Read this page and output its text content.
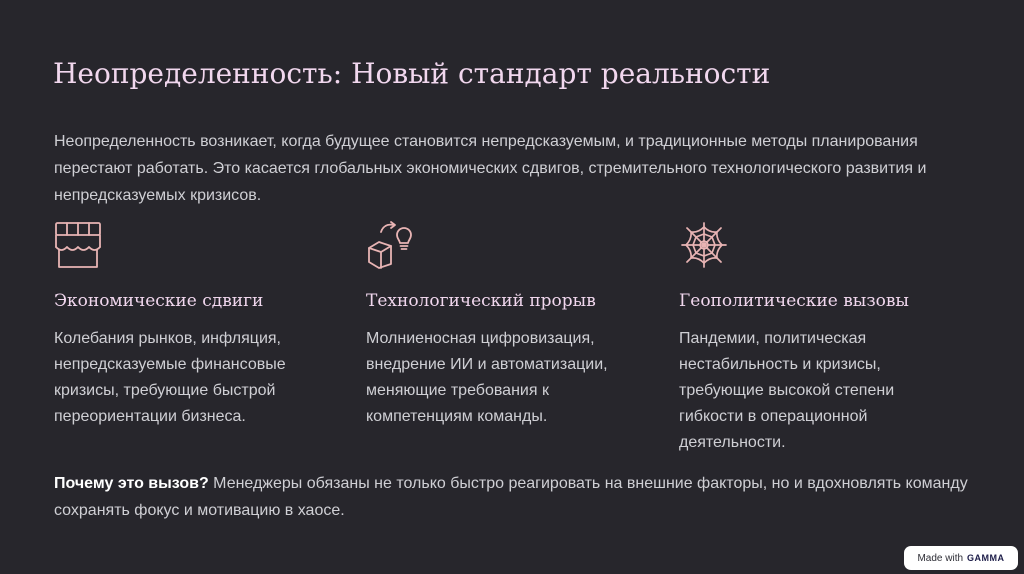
Неопределенность: Новый стандарт реальности

Неопределенность возникает, когда будущее становится непредсказуемым, и традиционные методы планирования перестают работать. Это касается глобальных экономических сдвигов, стремительного технологического развития и непредсказуемых кризисов.

Экономические сдвиги

Колебания рынков, инфляция, непредсказуемые финансовые кризисы, требующие быстрой переориентации бизнеса.

Технологический прорыв

Молниеносная цифровизация, внедрение ИИ и автоматизации, меняющие требования к компетенциям команды.

Геополитические вызовы

Пандемии, политическая нестабильность и кризисы, требующие высокой степени гибкости в операционной деятельности.

Почему это вызов? Менеджеры обязаны не только быстро реагировать на внешние факторы, но и вдохновлять команду сохранять фокус и мотивацию в хаосе.

Made with GAMMA
